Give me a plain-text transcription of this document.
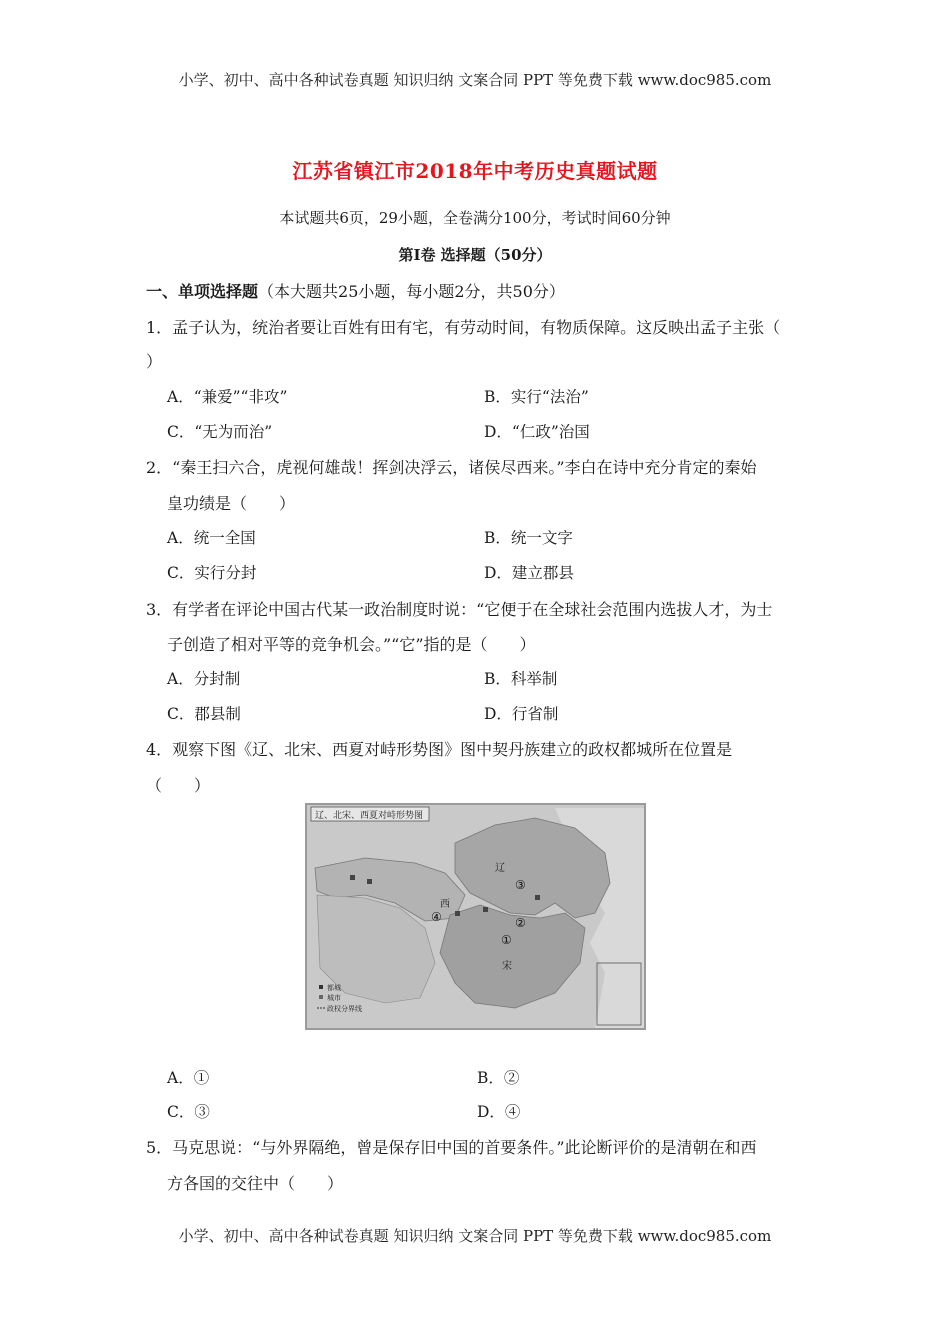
小学、初中、高中各种试卷真题 知识归纳 文案合同 PPT 等免费下载 www.doc985.com
江苏省镇江市2018年中考历史真题试题
本试题共6页，29小题，全卷满分100分，考试时间60分钟
第Ⅰ卷 选择题（50分）
一、单项选择题（本大题共25小题，每小题2分，共50分）
1．孟子认为，统治者要让百姓有田有宅，有劳动时间，有物质保障。这反映出孟子主张（
）
A．“兼爱”“非攻”	B．实行“法治”
C．“无为而治”	D．“仁政”治国
2．“秦王扫六合，虎视何雄哉！挥剑决浮云，诸侯尽西来。”李白在诗中充分肯定的秦始
皇功绩是（　　）
A．统一全国	B．统一文字
C．实行分封	D．建立郡县
3．有学者在评论中国古代某一政治制度时说：“它便于在全球社会范围内选拔人才，为士
子创造了相对平等的竞争机会。”“它”指的是（　　）
A．分封制	B．科举制
C．郡县制	D．行省制
4．观察下图《辽、北宋、西夏对峙形势图》图中契丹族建立的政权都城所在位置是
（　　）
辽、北宋、西夏对峙形势图
辽
西
宋
③
④	②
①
都城
城市
政权分界线
A．①	B．②
C．③	D．④
5．马克思说：“与外界隔绝，曾是保存旧中国的首要条件。”此论断评价的是清朝在和西
方各国的交往中（　　）
小学、初中、高中各种试卷真题 知识归纳 文案合同 PPT 等免费下载 www.doc985.com
